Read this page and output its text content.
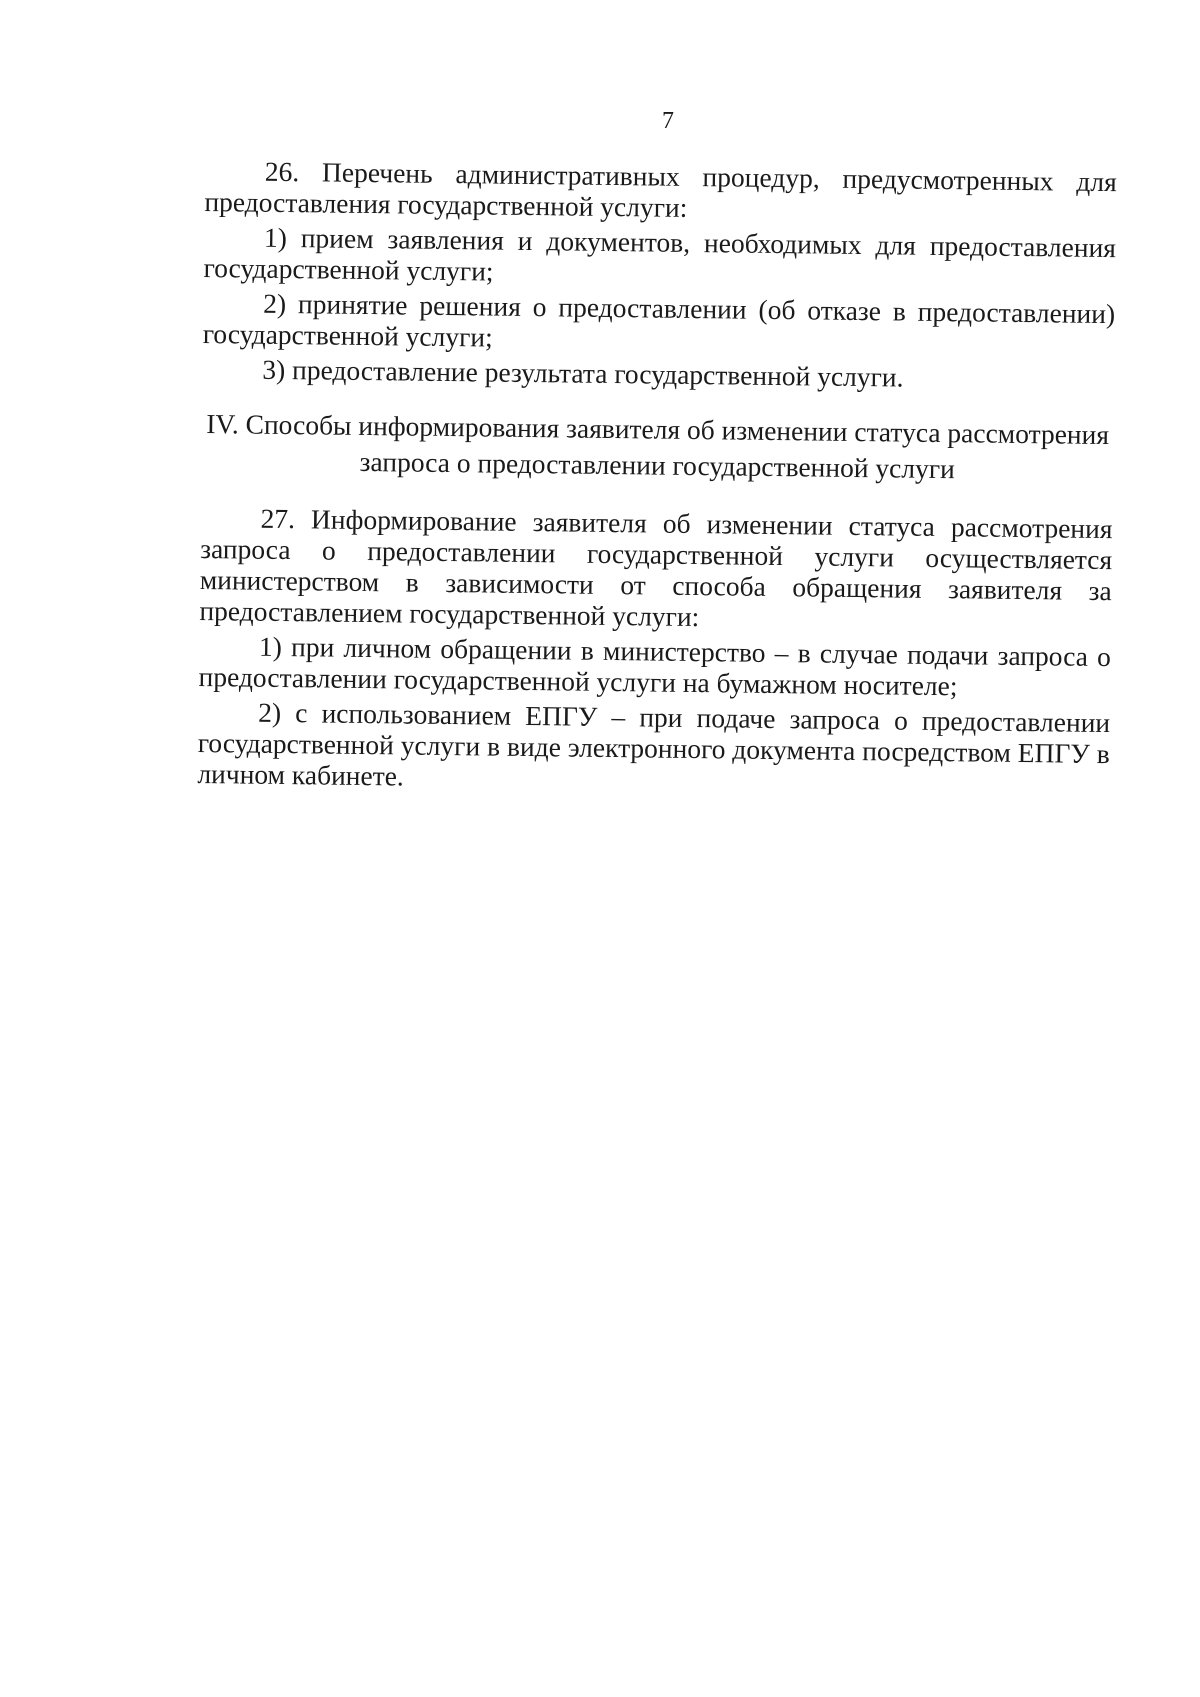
7

26. Перечень административных процедур, предусмотренных для предоставления государственной услуги:

1) прием заявления и документов, необходимых для предоставления государственной услуги;

2) принятие решения о предоставлении (об отказе в предоставлении) государственной услуги;

3) предоставление результата государственной услуги.

IV. Способы информирования заявителя об изменении статуса рассмотрения
запроса о предоставлении государственной услуги

27. Информирование заявителя об изменении статуса рассмотрения запроса о предоставлении государственной услуги осуществляется министерством в зависимости от способа обращения заявителя за предоставлением государственной услуги:

1) при личном обращении в министерство – в случае подачи запроса о предоставлении государственной услуги на бумажном носителе;

2) с использованием ЕПГУ – при подаче запроса о предоставлении государственной услуги в виде электронного документа посредством ЕПГУ в личном кабинете.
